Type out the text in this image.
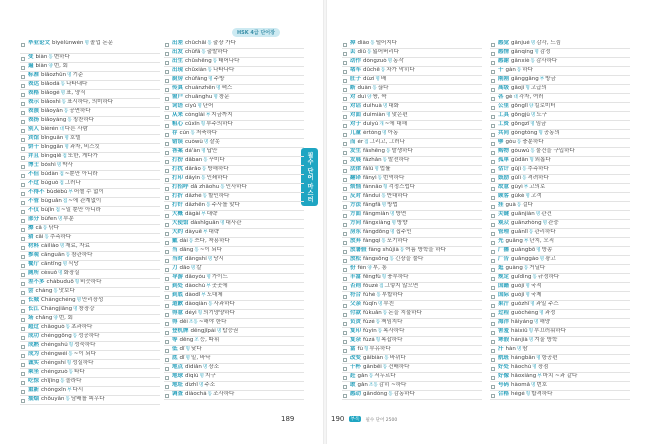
HSK 4급 단어장
필수 단어 마스터
毕业论文 bìyèlùnwén명졸업 논문
变 biàn동변하다
遍 biàn양번, 회
标准 biāozhǔn명기준
表达 biǎodá동나타내다
表格 biǎogé명표, 양식
表示 biǎoshì동표시하다, 의미하다
表演 biǎoyǎn동공연하다
表扬 biǎoyáng동칭찬하다
别人 biérén대다른 사람
宾馆 bīnguǎn명호텔
饼干 bǐnggān명과자, 비스킷
并且 bìngqiě접또한, 게다가
博士 bóshì명박사
不但 búdàn접~뿐만 아니라
不过 búguò접그러나
不得不 bùdébù부어쩔 수 없이
不管 bùguǎn접~에 관계없이
不仅 bùjǐn접~일 뿐만 아니라
部分 bùfen명부분
擦 cā동닦다
猜 cāi동추측하다
材料 cáiliào명재료, 자료
参观 cānguān동참관하다
餐厅 cāntīng명식당
厕所 cèsuǒ명화장실
差不多 chàbuduō형비슷하다
尝 cháng동맛보다
长城 Chángchéng명만리장성
长江 Chángjiāng명창장강
场 chǎng양번, 회
超过 chāoguò동초과하다
成功 chénggōng동성공하다
成熟 chéngshú형성숙하다
成为 chéngwéi동~이 되다
诚实 chéngshí형성실하다
乘坐 chéngzuò동타다
吃惊 chījīng동놀라다
重新 chóngxīn부다시
抽烟 chōuyān동담배를 피우다
出差 chūchāi동출장 가다
出发 chūfā동출발하다
出生 chūshēng동태어나다
出现 chūxiàn동나타나다
厨房 chúfáng명주방
传真 chuánzhēn명팩스
窗户 chuānghu명창문
词语 cíyǔ명단어
从来 cónglái부지금까지
粗心 cūxīn형부주의하다
存 cún동저축하다
错误 cuòwù명잘못
答案 dá'àn명답안
打扮 dǎban동꾸미다
打扰 dǎrǎo동방해하다
打印 dǎyìn동인쇄하다
打招呼 dǎ zhāohu동인사하다
打折 dǎzhé동할인하다
打针 dǎzhēn동주사를 맞다
大概 dàgài부대략
大使馆 dàshǐguǎn명대사관
大约 dàyuē부대략
戴 dài동쓰다, 착용하다
当 dāng동~이 되다
当时 dāngshí명당시
刀 dāo명칼
导游 dǎoyóu명가이드
到处 dàochù부곳곳에
到底 dàodǐ부도대체
道歉 dàoqiàn동사과하다
得意 déyì형의기양양하다
得 děi조동~해야 한다
登机牌 dēngjīpái명탑승권
等 děng조등, 따위
低 dī형낮다
底 dǐ명밑, 바닥
地点 dìdiǎn명장소
地球 dìqiú명지구
地址 dìzhǐ명주소
调查 diàochá동조사하다
掉 diào동떨어지다
丢 diū동잃어버리다
动作 dòngzuò명동작
堵车 dǔchē동차가 막히다
肚子 dùzi명배
断 duàn동끊다
对 duì양쌍, 짝
对话 duìhuà명대화
对面 duìmiàn명맞은편
对于 duìyú개~에 대해
儿童 értóng명아동
而 ér접그리고, 그러나
发生 fāshēng동발생하다
发展 fāzhǎn동발전하다
法律 fǎlǜ명법률
翻译 fānyì동번역하다
烦恼 fánnǎo형걱정스럽다
反对 fǎnduì동반대하다
方法 fāngfǎ명방법
方面 fāngmiàn명방면
方向 fāngxiàng명방향
房东 fángdōng명집주인
放弃 fàngqì동포기하다
放暑假 fàng shǔjià동여름 방학을 하다
放松 fàngsōng동긴장을 풀다
份 fèn양부, 통
丰富 fēngfù형풍부하다
否则 fǒuzé접그렇지 않으면
符合 fúhé동부합하다
父亲 fùqīn명부친
付款 fùkuǎn동돈을 지불하다
负责 fùzé동책임지다
复印 fùyìn동복사하다
复杂 fùzá형복잡하다
富 fù형부유하다
改变 gǎibiàn동바뀌다
干杯 gānbēi동건배하다
赶 gǎn동서두르다
敢 gǎn조동감히 ~하다
感动 gǎndòng동감동하다
感觉 gǎnjué명감각, 느낌
感情 gǎnqíng명감정
感谢 gǎnxiè동감사하다
干 gàn동하다
刚刚 gānggāng부방금
高级 gāojí형고급의
各 gè대각자, 여러
公里 gōnglǐ양킬로미터
工具 gōngjù명도구
工资 gōngzī명임금
共同 gòngtóng형공동의
够 gòu동충분하다
购物 gòuwù동물건을 구입하다
孤单 gūdān형외롭다
估计 gūjì동추측하다
鼓励 gǔlì동격려하다
故意 gùyì부고의로
顾客 gùkè명고객
挂 guà동걸다
关键 guānjiàn명관건
观众 guānzhòng명관중
管理 guǎnlǐ동관리하다
光 guāng부단지, 오직
广播 guǎngbō명방송
广告 guǎnggào명광고
逛 guàng동거닐다
规定 guīdìng동규정하다
国籍 guójí명국적
国际 guójì명국제
果汁 guǒzhī명과일 주스
过程 guòchéng명과정
海洋 hǎiyáng명해양
害羞 hàixiū형부끄러워하다
寒假 hánjià명겨울 방학
汗 hàn명땀
航班 hángbān명항공편
好处 hǎochù명장점
好像 hǎoxiàng부마치 ~과 같다
号码 hàomǎ명번호
合格 hégé형합격하다
189	190 부록 필수 단어 2500
